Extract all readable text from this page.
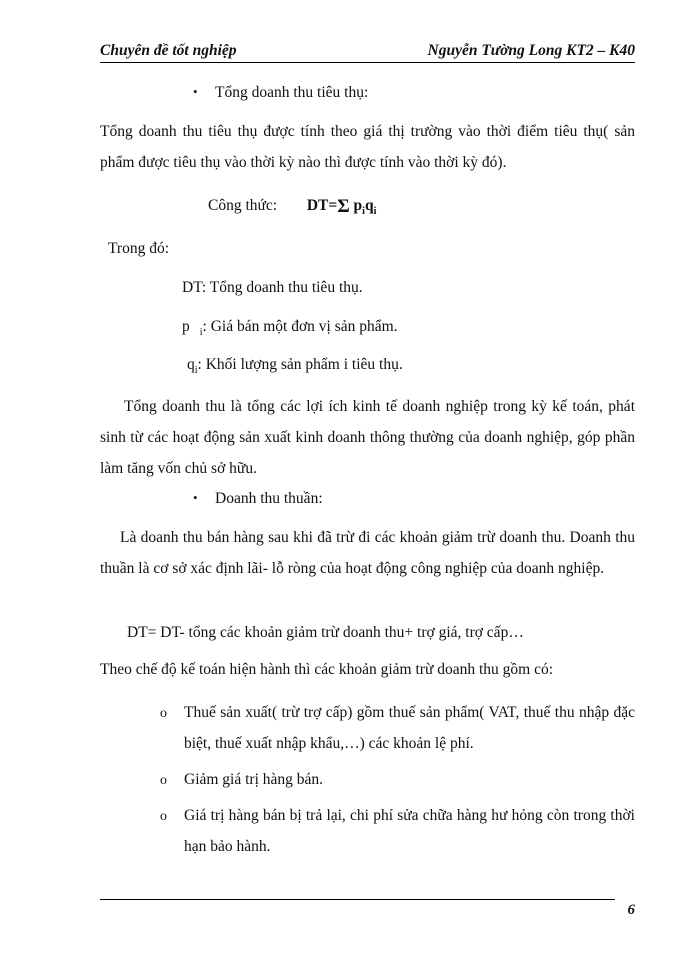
Chuyên đề tốt nghiệp	Nguyễn Tường Long KT2 – K40
• Tổng doanh thu tiêu thụ:
Tổng doanh thu tiêu thụ được tính theo giá thị trường vào thời điểm tiêu thụ( sản phẩm được tiêu thụ vào thời kỳ nào thì được tính vào thời kỳ đó).
Công thức: DT=Σ $p_iq_i$
Trong đó:
DT: Tổng doanh thu tiêu thụ.
p $_i$: Giá bán một đơn vị sản phẩm.
$q_i$: Khối lượng sản phẩm i tiêu thụ.
Tổng doanh thu là tổng các lợi ích kinh tế doanh nghiệp trong kỳ kế toán, phát sinh từ các hoạt động sản xuất kinh doanh thông thường của doanh nghiệp, góp phần làm tăng vốn chủ sở hữu.
• Doanh thu thuần:
Là doanh thu bán hàng sau khi đã trừ đi các khoản giảm trừ doanh thu. Doanh thu thuần là cơ sở xác định lãi- lỗ ròng của hoạt động công nghiệp của doanh nghiệp.
DT= DT- tổng các khoản giảm trừ doanh thu+ trợ giá, trợ cấp…
Theo chế độ kế toán hiện hành thì các khoản giảm trừ doanh thu gồm có:
o Thuế sản xuất( trừ trợ cấp) gồm thuế sản phẩm( VAT, thuế thu nhập đặc biệt, thuế xuất nhập khẩu,…) các khoản lệ phí.
o Giảm giá trị hàng bán.
o Giá trị hàng bán bị trả lại, chi phí sửa chữa hàng hư hỏng còn trong thời hạn bảo hành.
6
